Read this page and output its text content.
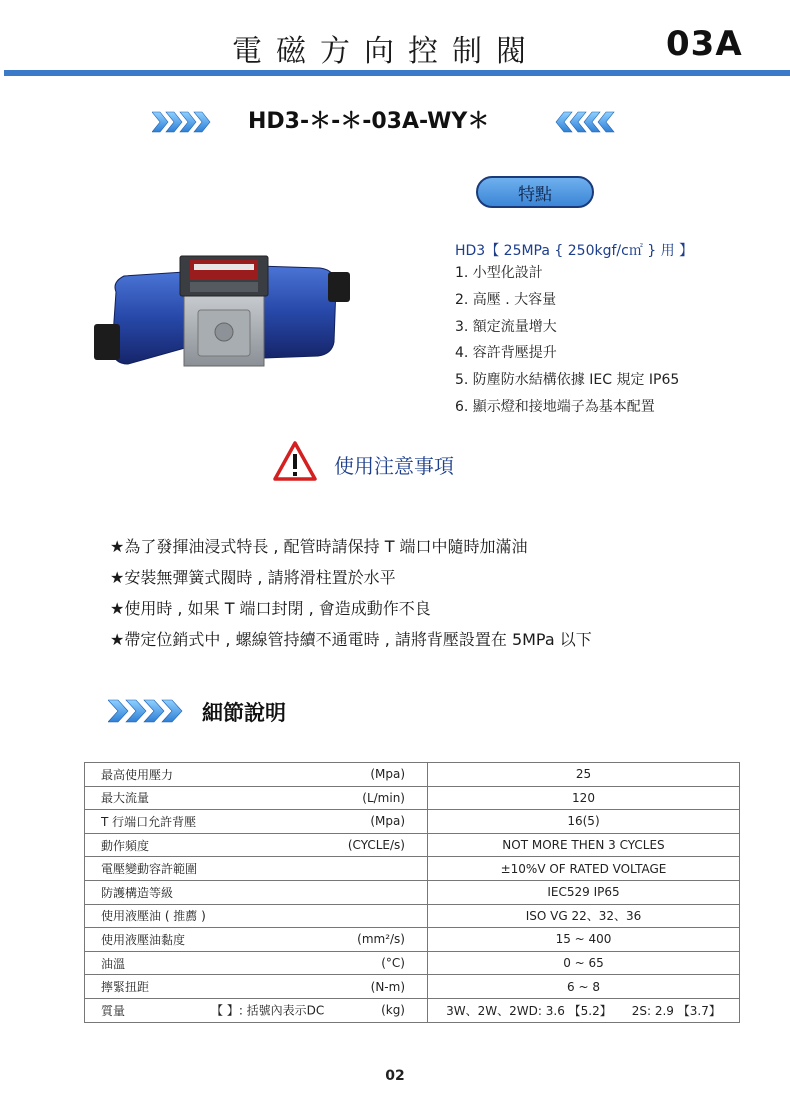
電磁方向控制閥	03A
HD3-＊-＊-03A-WY＊
特點
HD3【 25MPa { 250kgf/c㎡ } 用 】
1. 小型化設計
2. 高壓 . 大容量
3. 額定流量增大
4. 容許背壓提升
5. 防塵防水結構依據 IEC 規定 IP65
6. 顯示燈和接地端子為基本配置
使用注意事項
★為了發揮油浸式特長 , 配管時請保持 T 端口中隨時加滿油
★安裝無彈簧式閥時 , 請將滑柱置於水平
★使用時 , 如果 T 端口封閉 , 會造成動作不良
★帶定位銷式中 , 螺線管持續不通電時 , 請將背壓設置在 5MPa 以下
細節說明
最高使用壓力 (Mpa)	25
最大流量 (L/min)	120
T 行端口允許背壓 (Mpa)	16(5)
動作頻度 (CYCLE/s)	NOT MORE THEN 3 CYCLES
電壓變動容許範圍	±10%V OF RATED VOLTAGE
防護構造等級	IEC529 IP65
使用液壓油 ( 推薦 )	ISO VG 22、32、36
使用液壓油黏度 (mm²/s)	15 ~ 400
油溫 (°C)	0 ~ 65
擰緊扭距 (N-m)	6 ~ 8
質量 【 】: 括號內表示DC (kg)	3W、2W、2WD: 3.6 【5.2】 2S: 2.9 【3.7】
02
